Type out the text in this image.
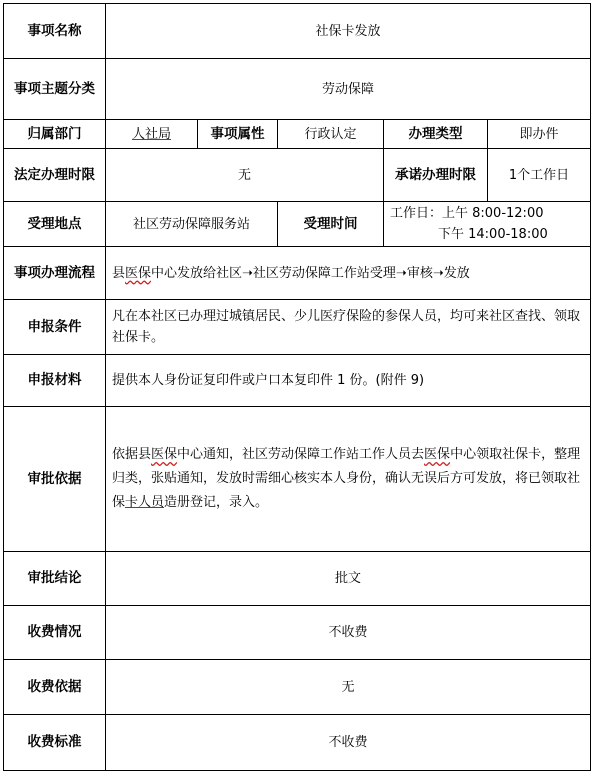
事项名称	社保卡发放				
事项主题分类	劳动保障				
归属部门	人社局	事项属性	行政认定	办理类型	即办件
法定办理时限	无			承诺办理时限	1个工作日
受理地点	社区劳动保障服务站		受理时间	工作日：上午 8:00-12:00
下午 14:00-18:00	

事项办理流程	县医保中心发放给社区➝社区劳动保障工作站受理➝审核➝发放				
申报条件	凡在本社区已办理过城镇居民、少儿医疗保险的参保人员，均可来社区查找、领取社保卡。				
申报材料	提供本人身份证复印件或户口本复印件 1 份。(附件 9)				
审批依据	依据县医保中心通知，社区劳动保障工作站工作人员去医保中心领取社保卡，整理归类，张贴通知，发放时需细心核实本人身份，确认无误后方可发放，将已领取社保卡人员造册登记，录入。				
审批结论	批文				
收费情况	不收费				
收费依据	无				
收费标准	不收费				
